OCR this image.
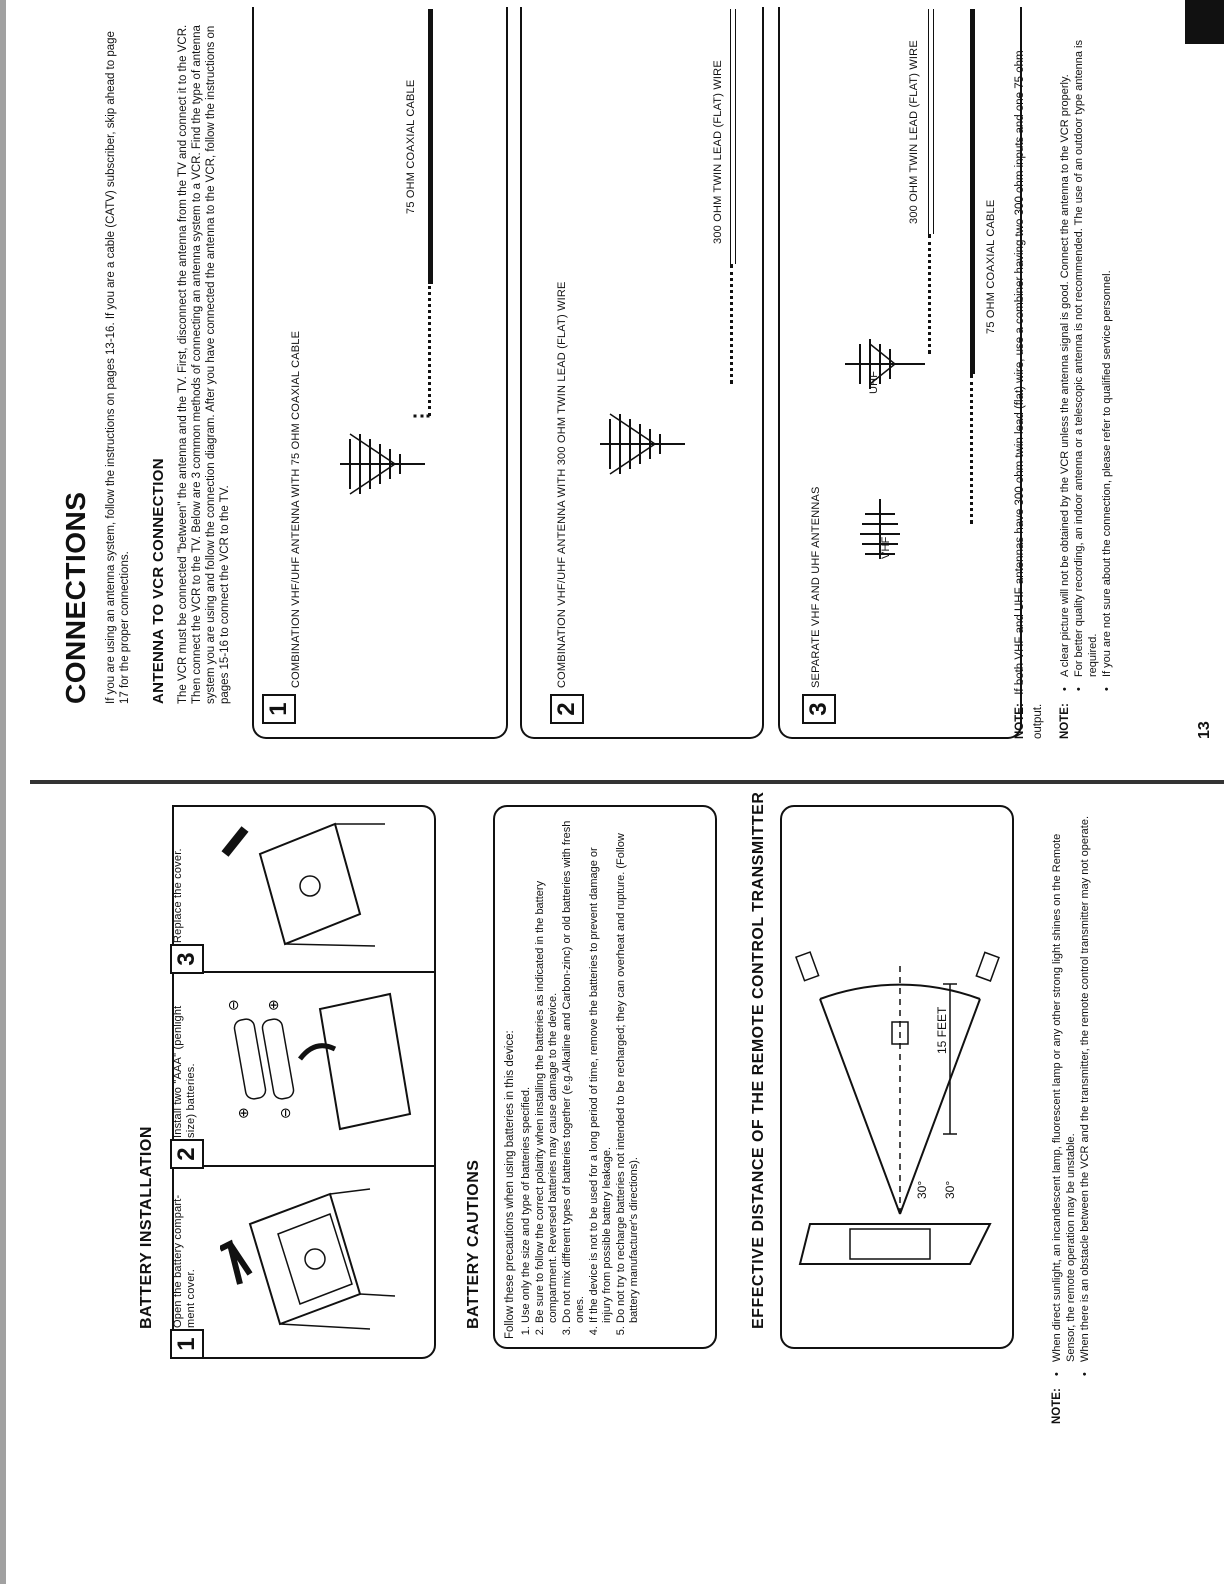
BATTERY INSTALLATION
1
Open the battery compart-ment cover.
2
Install two "AAA" (penlight size) batteries.
3
Replace the cover.
⊕
⊖
⊖
⊕
BATTERY CAUTIONS Follow these precautions when using batteries in this device: 1. Use only the size and type of batteries specified. 2. Be sure to follow the correct polarity when installing the batteries as indicated in the battery compartment. Reversed batteries may cause damage to the device. 3. Do not mix different types of batteries together (e.g.Alkaline and Carbon-zinc) or old batteries with fresh ones. 4. If the device is not to be used for a long period of time, remove the batteries to prevent damage or injury from possible battery leakage. 5. Do not try to recharge batteries not intended to be recharged; they can overheat and rupture. (Follow battery manufacturer's directions).	EFFECTIVE DISTANCE OF THE REMOTE CONTROL TRANSMITTER	15 FEET
30°
30°
NOTE:
• When direct sunlight, an incandescent lamp, fluorescent lamp or any other strong light shines on the Remote Sensor, the remote operation may be unstable. • When there is an obstacle between the VCR and the transmitter, the remote control transmitter may not operate.
CONNECTIONS If you are using an antenna system, follow the instructions on pages 13-16. If you are a cable (CATV) subscriber, skip ahead to page 17 for the proper connections. ANTENNA TO VCR CONNECTION The VCR must be connected "between" the antenna and the TV. First, disconnect the antenna from the TV and connect it to the VCR. Then connect the VCR to the TV. Below are 3 common methods of connecting an antenna system to a VCR. Find the type of antenna system you are using and follow the connection diagram. After you have connected the antenna to the VCR, follow the instructions on pages 15-16 to connect the VCR to the TV.
1
COMBINATION VHF/UHF ANTENNA WITH 75 OHM COAXIAL CABLE
75 OHM COAXIAL CABLE
2
COMBINATION VHF/UHF ANTENNA WITH 300 OHM TWIN LEAD (FLAT) WIRE
300 OHM TWIN LEAD (FLAT) WIRE
3
SEPARATE VHF AND UHF ANTENNAS	VHF
UHF
300 OHM TWIN LEAD (FLAT) WIRE
75 OHM COAXIAL CABLE
NOTE: If both VHF and UHF antennas have 300 ohm twin lead (flat) wire, use a combiner having two 300 ohm inputs and one 75 ohm output. NOTE:
• A clear picture will not be obtained by the VCR unless the antenna signal is good. Connect the antenna to the VCR properly. • For better quality recording, an indoor antenna or a telescopic antenna is not recommended. The use of an outdoor type antenna is required. • If you are not sure about the connection, please refer to qualified service personnel.
13
